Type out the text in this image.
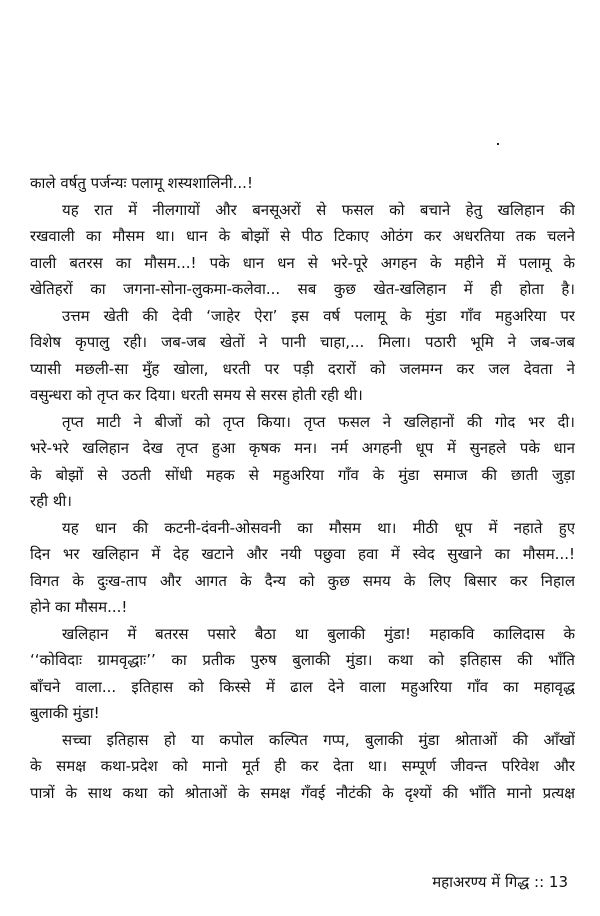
काले वर्षतु पर्जन्यः पलामू शस्यशालिनी...!
यह रात में नीलगायों और बनसूअरों से फसल को बचाने हेतु खलिहान की
रखवाली का मौसम था। धान के बोझों से पीठ टिकाए ओठंग कर अधरतिया तक चलने
वाली बतरस का मौसम...! पके धान धन से भरे-पूरे अगहन के महीने में पलामू के
खेतिहरों का जगना-सोना-लुकमा-कलेवा... सब कुछ खेत-खलिहान में ही होता है।
उत्तम खेती की देवी ‘जाहेर ऐरा’ इस वर्ष पलामू के मुंडा गाँव महुअरिया पर
विशेष कृपालु रही। जब-जब खेतों ने पानी चाहा,... मिला। पठारी भूमि ने जब-जब
प्यासी मछली-सा मुँह खोला, धरती पर पड़ी दरारों को जलमग्न कर जल देवता ने
वसुन्धरा को तृप्त कर दिया। धरती समय से सरस होती रही थी।
तृप्त माटी ने बीजों को तृप्त किया। तृप्त फसल ने खलिहानों की गोद भर दी।
भरे-भरे खलिहान देख तृप्त हुआ कृषक मन। नर्म अगहनी धूप में सुनहले पके धान
के बोझों से उठती सोंधी महक से महुअरिया गाँव के मुंडा समाज की छाती जुड़ा
रही थी।
यह धान की कटनी-दंवनी-ओसवनी का मौसम था। मीठी धूप में नहाते हुए
दिन भर खलिहान में देह खटाने और नयी पछुवा हवा में स्वेद सुखाने का मौसम...!
विगत के दुःख-ताप और आगत के दैन्य को कुछ समय के लिए बिसार कर निहाल
होने का मौसम...!
खलिहान में बतरस पसारे बैठा था बुलाकी मुंडा! महाकवि कालिदास के
‘‘कोविदाः ग्रामवृद्धाः’’ का प्रतीक पुरुष बुलाकी मुंडा। कथा को इतिहास की भाँति
बाँचने वाला... इतिहास को किस्से में ढाल देने वाला महुअरिया गाँव का महावृद्ध
बुलाकी मुंडा!
सच्चा इतिहास हो या कपोल कल्पित गप्प, बुलाकी मुंडा श्रोताओं की आँखों
के समक्ष कथा-प्रदेश को मानो मूर्त ही कर देता था। सम्पूर्ण जीवन्त परिवेश और
पात्रों के साथ कथा को श्रोताओं के समक्ष गँवई नौटंकी के दृश्यों की भाँति मानो प्रत्यक्ष
महाअरण्य में गिद्ध :: 13
